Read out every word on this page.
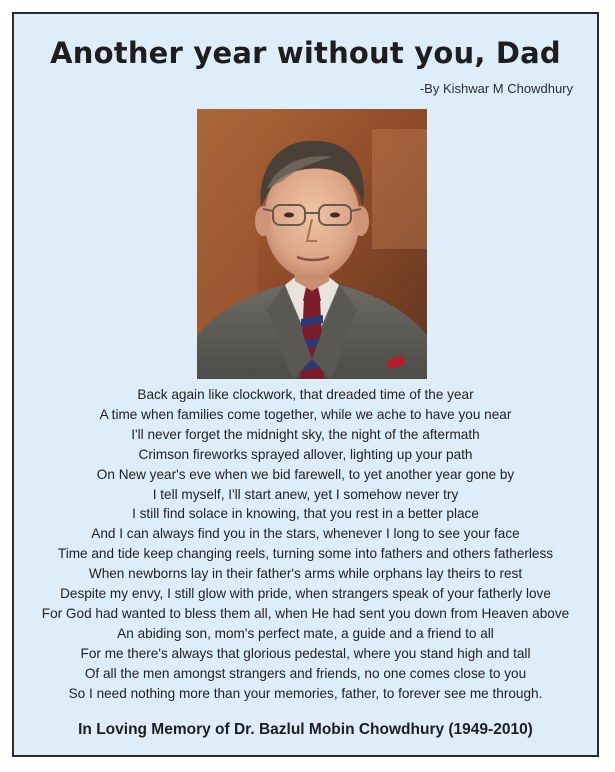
Another year without you, Dad
-By Kishwar M Chowdhury
Back again like clockwork, that dreaded time of the year
A time when families come together, while we ache to have you near
I'll never forget the midnight sky, the night of the aftermath
Crimson fireworks sprayed allover, lighting up your path
On New year's eve when we bid farewell, to yet another year gone by
I tell myself, I'll start anew, yet I somehow never try
I still find solace in knowing, that you rest in a better place
And I can always find you in the stars, whenever I long to see your face
Time and tide keep changing reels, turning some into fathers and others fatherless
When newborns lay in their father's arms while orphans lay theirs to rest
Despite my envy, I still glow with pride, when strangers speak of your fatherly love
For God had wanted to bless them all, when He had sent you down from Heaven above
An abiding son, mom's perfect mate, a guide and a friend to all
For me there's always that glorious pedestal, where you stand high and tall
Of all the men amongst strangers and friends, no one comes close to you
So I need nothing more than your memories, father, to forever see me through.
In Loving Memory of Dr. Bazlul Mobin Chowdhury (1949-2010)
